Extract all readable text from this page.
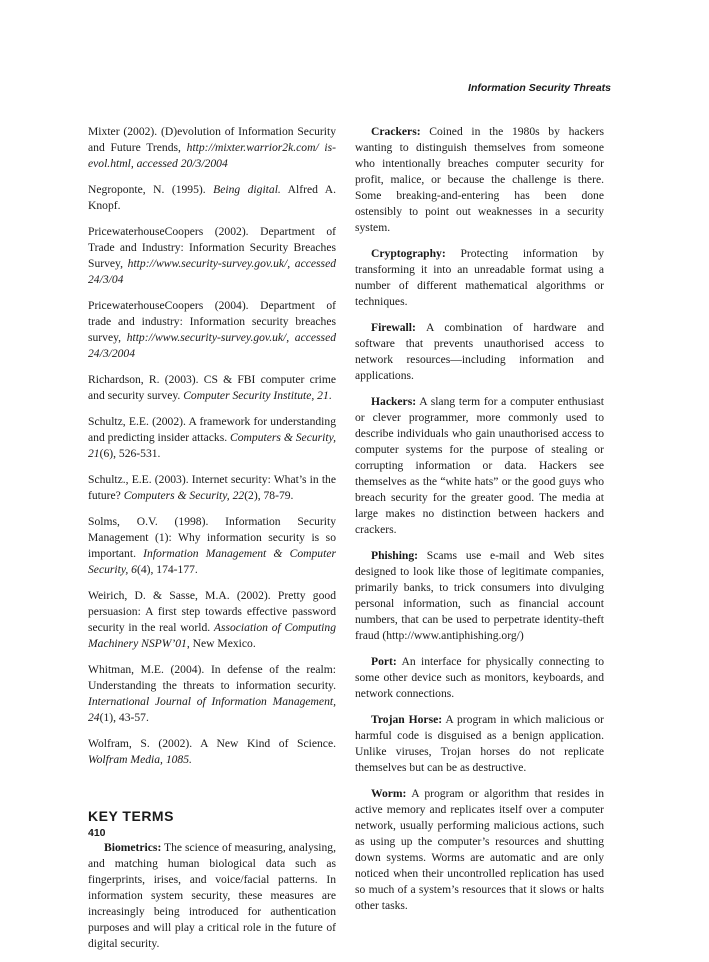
Information Security Threats

Mixter (2002). (D)evolution of Information Security and Future Trends, http://mixter.warrior2k.com/ is-evol.html, accessed 20/3/2004

Negroponte, N. (1995). Being digital. Alfred A. Knopf.

PricewaterhouseCoopers (2002). Department of Trade and Industry: Information Security Breaches Survey, http://www.security-survey.gov.uk/, accessed 24/3/04

PricewaterhouseCoopers (2004). Department of trade and industry: Information security breaches survey, http://www.security-survey.gov.uk/, accessed 24/3/2004

Richardson, R. (2003). CS & FBI computer crime and security survey. Computer Security Institute, 21.

Schultz, E.E. (2002). A framework for understanding and predicting insider attacks. Computers & Security, 21(6), 526-531.

Schultz., E.E. (2003). Internet security: What’s in the future? Computers & Security, 22(2), 78-79.

Solms, O.V. (1998). Information Security Management (1): Why information security is so important. Information Management & Computer Security, 6(4), 174-177.

Weirich, D. & Sasse, M.A. (2002). Pretty good persuasion: A first step towards effective password security in the real world. Association of Computing Machinery NSPW’01, New Mexico.

Whitman, M.E. (2004). In defense of the realm: Understanding the threats to information security. International Journal of Information Management, 24(1), 43-57.

Wolfram, S. (2002). A New Kind of Science. Wolfram Media, 1085.

KEY TERMS

Biometrics: The science of measuring, analysing, and matching human biological data such as fingerprints, irises, and voice/facial patterns. In information system security, these measures are increasingly being introduced for authentication purposes and will play a critical role in the future of digital security.

Crackers: Coined in the 1980s by hackers wanting to distinguish themselves from someone who intentionally breaches computer security for profit, malice, or because the challenge is there. Some breaking-and-entering has been done ostensibly to point out weaknesses in a security system.

Cryptography: Protecting information by transforming it into an unreadable format using a number of different mathematical algorithms or techniques.

Firewall: A combination of hardware and software that prevents unauthorised access to network resources—including information and applications.

Hackers: A slang term for a computer enthusiast or clever programmer, more commonly used to describe individuals who gain unauthorised access to computer systems for the purpose of stealing or corrupting information or data. Hackers see themselves as the “white hats” or the good guys who breach security for the greater good. The media at large makes no distinction between hackers and crackers.

Phishing: Scams use e-mail and Web sites designed to look like those of legitimate companies, primarily banks, to trick consumers into divulging personal information, such as financial account numbers, that can be used to perpetrate identity-theft fraud (http://www.antiphishing.org/)

Port: An interface for physically connecting to some other device such as monitors, keyboards, and network connections.

Trojan Horse: A program in which malicious or harmful code is disguised as a benign application. Unlike viruses, Trojan horses do not replicate themselves but can be as destructive.

Worm: A program or algorithm that resides in active memory and replicates itself over a computer network, usually performing malicious actions, such as using up the computer’s resources and shutting down systems. Worms are automatic and are only noticed when their uncontrolled replication has used so much of a system’s resources that it slows or halts other tasks.

410
